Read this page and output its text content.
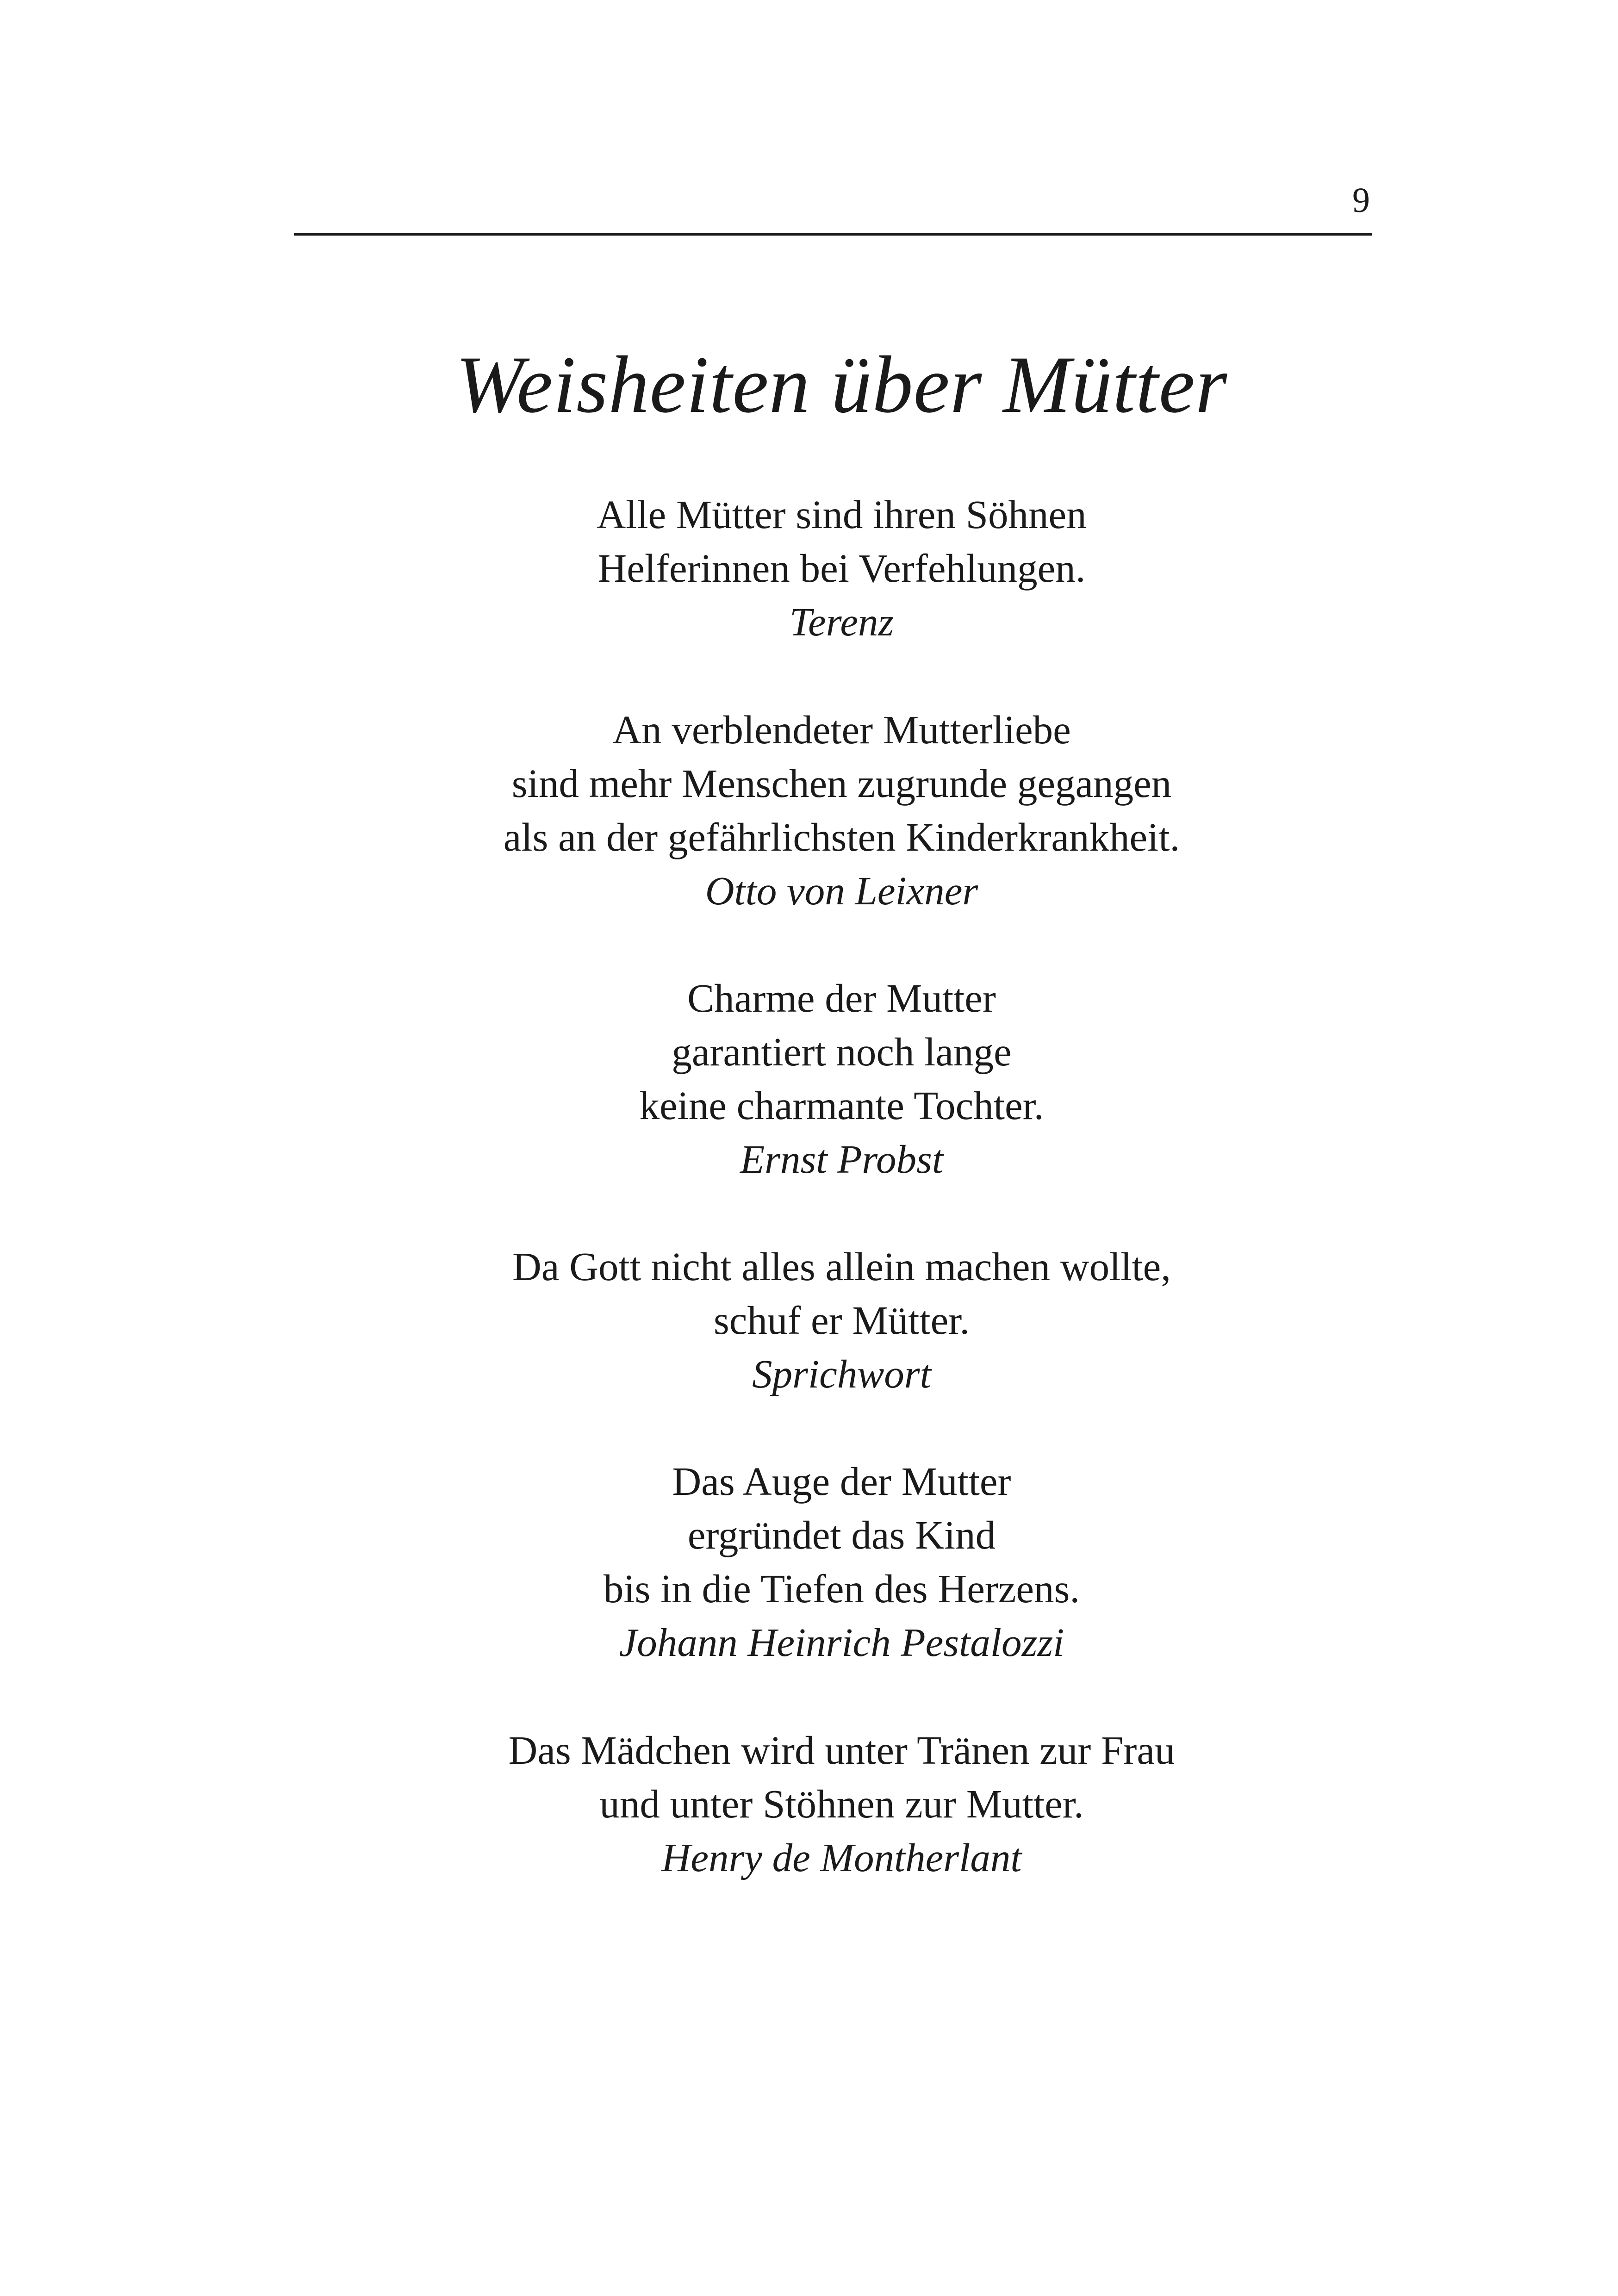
9
Weisheiten über Mütter
Alle Mütter sind ihren Söhnen
Helferinnen bei Verfehlungen.
Terenz
An verblendeter Mutterliebe
sind mehr Menschen zugrunde gegangen
als an der gefährlichsten Kinderkrankheit.
Otto von Leixner
Charme der Mutter
garantiert noch lange
keine charmante Tochter.
Ernst Probst
Da Gott nicht alles allein machen wollte,
schuf er Mütter.
Sprichwort
Das Auge der Mutter
ergründet das Kind
bis in die Tiefen des Herzens.
Johann Heinrich Pestalozzi
Das Mädchen wird unter Tränen zur Frau
und unter Stöhnen zur Mutter.
Henry de Montherlant
